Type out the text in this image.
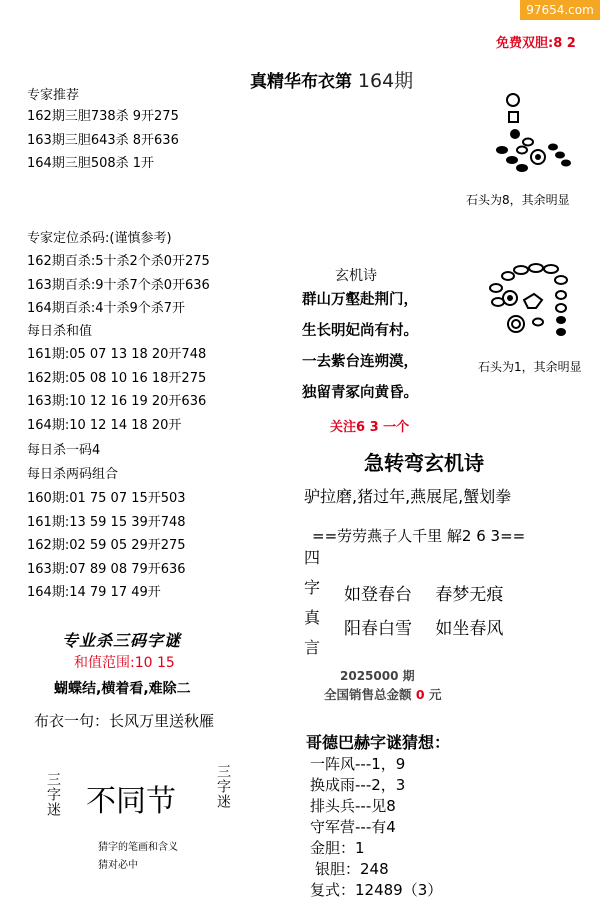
97654.com
免费双胆:8 2
真精华布衣第 164期
专家推荐
162期三胆738杀 9开275
163期三胆643杀 8开636
164期三胆508杀 1开
石头为8，其余明显
专家定位杀码:(谨慎参考)
162期百杀:5十杀2个杀0开275
163期百杀:9十杀7个杀0开636
164期百杀:4十杀9个杀7开
每日杀和值
161期:05 07 13 18 20开748
162期:05 08 10 16 18开275
163期:10 12 16 19 20开636
164期:10 12 14 18 20开
每日杀一码4
每日杀两码组合
160期:01 75 07 15开503
161期:13 59 15 39开748
162期:02 59 05 29开275
163期:07 89 08 79开636
164期:14 79 17 49开
专业杀三码字谜
和值范围:10 15
蝴蝶结,横着看,难除二
布衣一句：长风万里送秋雁
三字迷 不同节	三字迷
猜字的笔画和含义
猜对必中
玄机诗
群山万壑赴荆门，
生长明妃尚有村。
一去紫台连朔漠，
独留青冢向黄昏。
石头为1，其余明显
关注6 3 一个
急转弯玄机诗
驴拉磨,猪过年,燕展尾,蟹划拳
==劳劳燕子人千里 解2 6 3==
四
字
真
言
如登春台 春梦无痕
阳春白雪 如坐春风
2025000 期
全国销售总金额 0 元
哥德巴赫字谜猜想：
一阵风---1，9
换成雨---2，3
排头兵---见8
守军营---有4
金胆：1
银胆：248
复式：12489（3）
